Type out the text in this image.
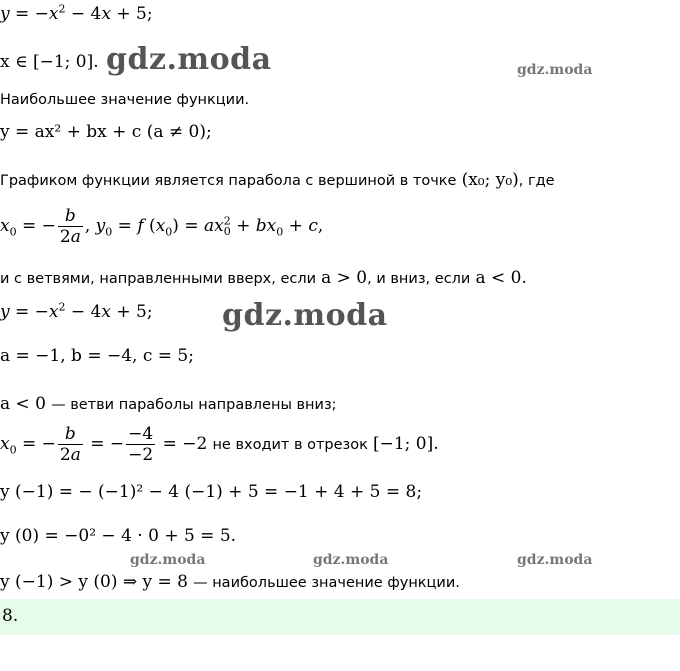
$y = -x^2 - 4x + 5$;
x ∈ [−1; 0]. gdz.moda	gdz.moda
Наибольшее значение функции.
y = ax² + bx + c (a ≠ 0);
Графиком функции является парабола с вершиной в точке (x₀; y₀), где
$x_0$ = − $\frac{b}{2a}$ , $y_0 = f$ $(x_0) = ax^2_0 + bx_0 + c$,
и с ветвями, направленными вверх, если a > 0, и вниз, если a < 0.
$y = -x^2 - 4x + 5$; gdz.moda
a = −1, b = −4, c = 5;
a < 0 — ветви параболы направлены вниз;
$x_0$ = − $\frac{b}{2a}$ = − $\frac{-4}{-2} = -2$ не входит в отрезок [−1; 0].
y (−1) = − (−1)² − 4 (−1) + 5 = −1 + 4 + 5 = 8;
y (0) = −0² − 4 · 0 + 5 = 5.
gdz.moda	gdz.moda	gdz.moda
y (−1) > y (0) ⇒ y = 8 — наибольшее значение функции.
8.
